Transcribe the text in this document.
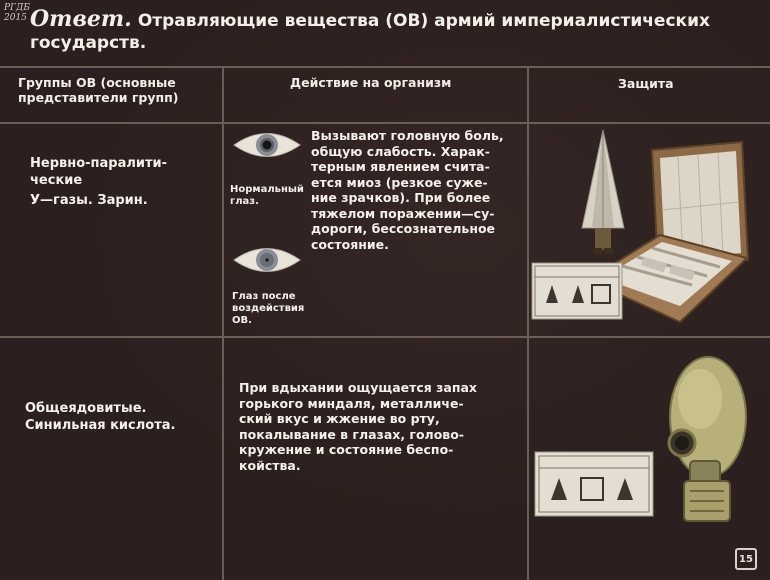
РГДБ
2015 Ответ. Отравляющие вещества (ОВ) армий империалистических государств.
Группы ОВ (основные представители групп)
Действие на организм	Защита
Нервно-паралити-
ческие
У—газы. Зарин.
Нормальный
глаз.
Глаз после
воздействия
ОВ.
Вызывают головную боль,
общую слабость. Харак-
терным явлением счита-
ется миоз (резкое суже-
ние зрачков). При более
тяжелом поражении—су-
дороги, бессознательное
состояние.
Общеядовитые.
Синильная кислота.
При вдыхании ощущается запах
горького миндаля, металличе-
ский вкус и жжение во рту,
покалывание в глазах, голово-
кружение и состояние беспо-
койства.
15
